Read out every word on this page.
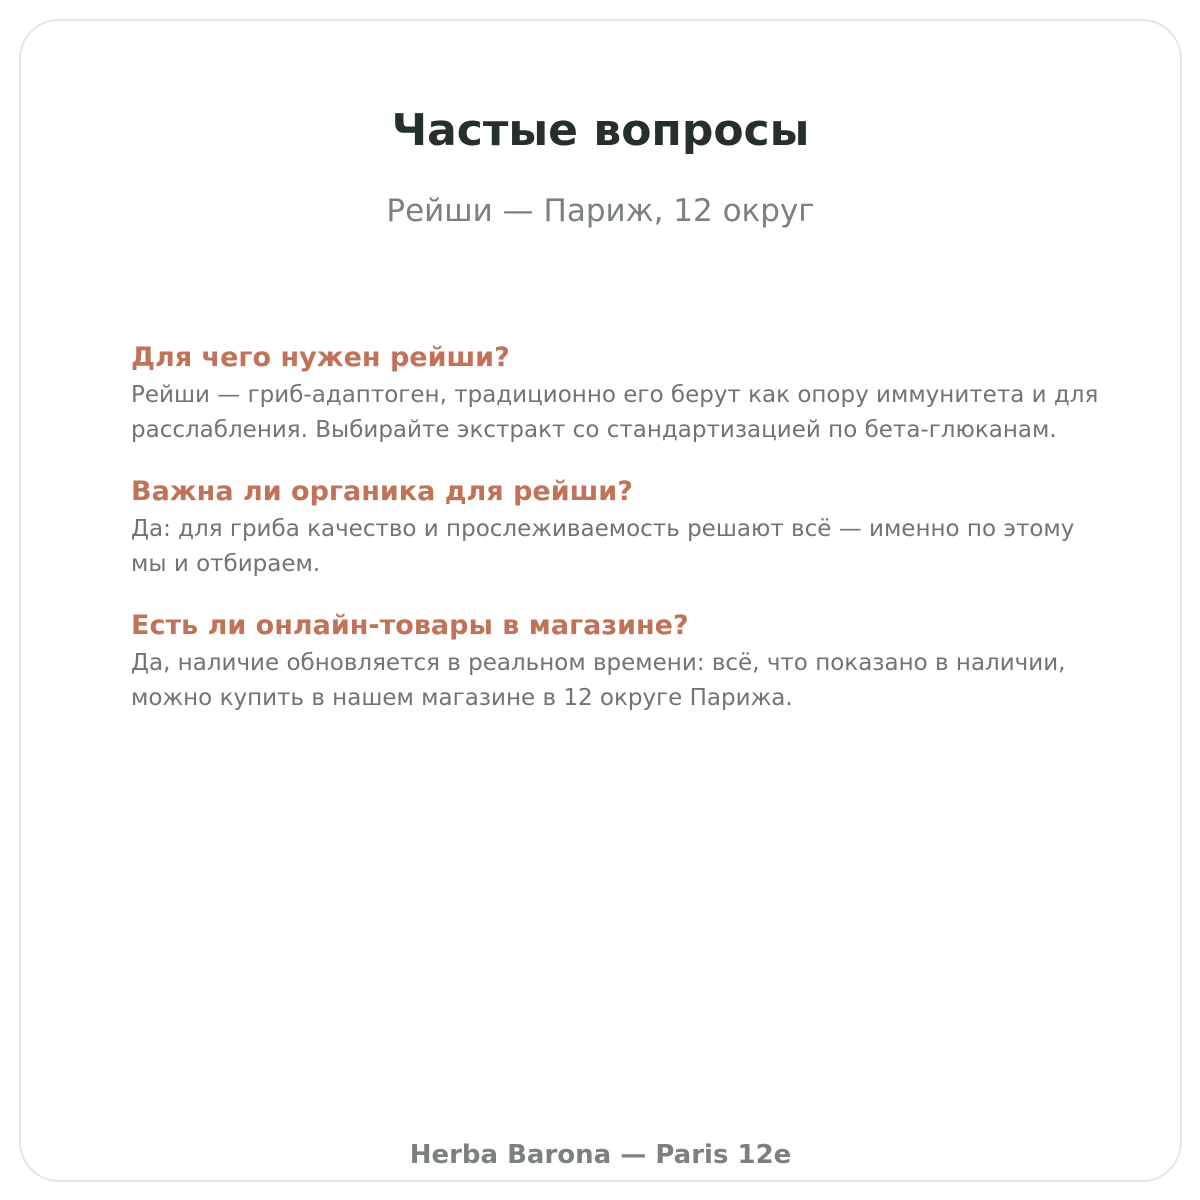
Частые вопросы
Рейши — Париж, 12 округ
Для чего нужен рейши?

Рейши — гриб-адаптоген, традиционно его берут как опору иммунитета и для расслабления. Выбирайте экстракт со стандартизацией по бета-глюканам.

Важна ли органика для рейши?

Да: для гриба качество и прослеживаемость решают всё — именно по этому мы и отбираем.

Есть ли онлайн-товары в магазине?

Да, наличие обновляется в реальном времени: всё, что показано в наличии, можно купить в нашем магазине в 12 округе Парижа.

Herba Barona — Paris 12e
